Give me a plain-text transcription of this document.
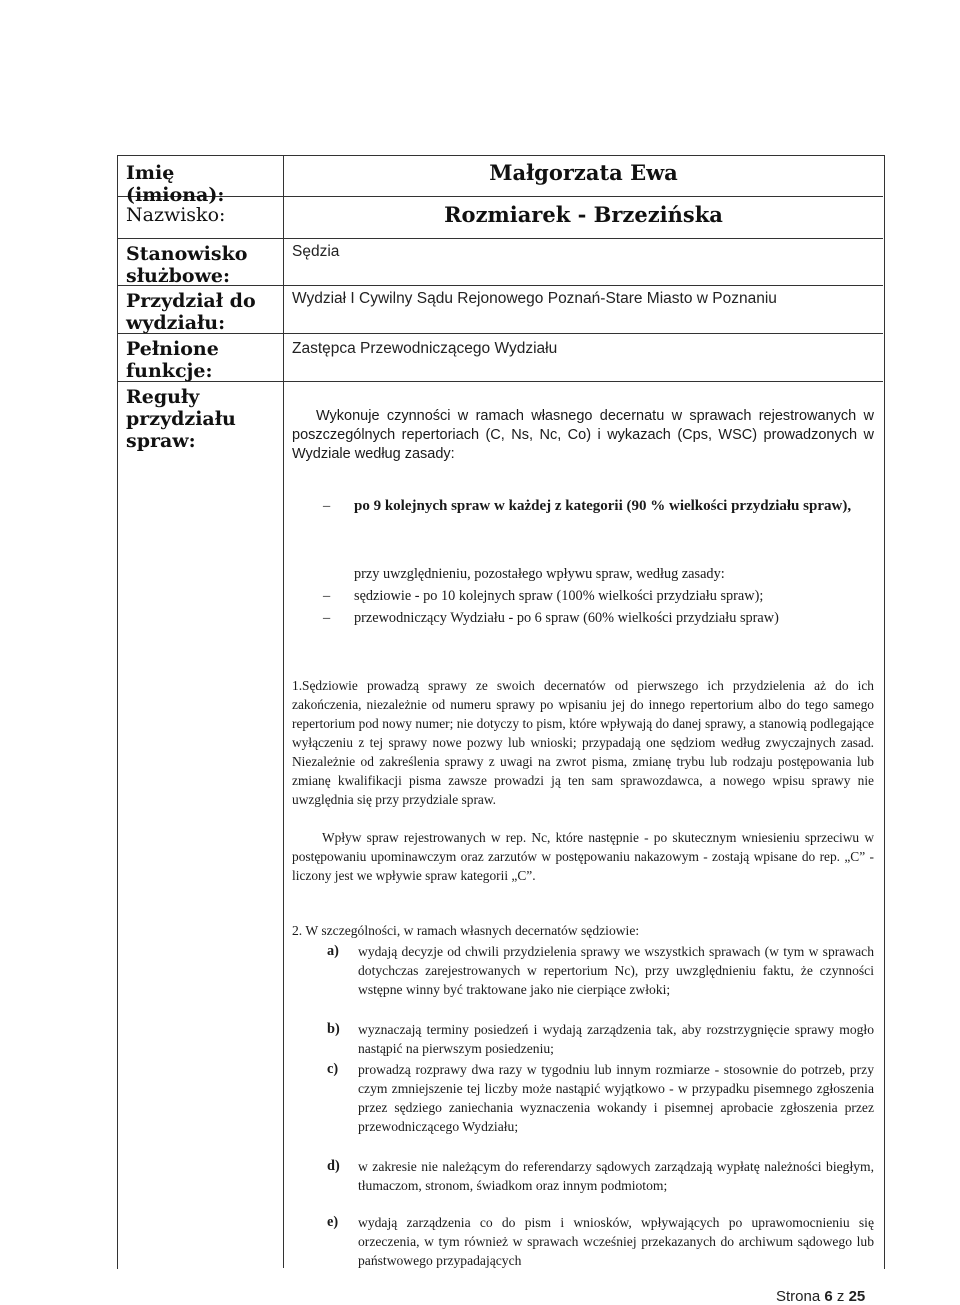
Imię (imiona):
Małgorzata Ewa
Nazwisko:	Rozmiarek - Brzezińska
Stanowisko służbowe:
Sędzia
Przydział do wydziału:
Wydział I Cywilny Sądu Rejonowego Poznań-Stare Miasto w Poznaniu
Pełnione funkcje:
Zastępca Przewodniczącego Wydziału
Reguły przydziału spraw:
Wykonuje czynności w ramach własnego decernatu w sprawach rejestrowanych w poszczególnych repertoriach (C, Ns, Nc, Co) i wykazach (Cps, WSC) prowadzonych w Wydziale według zasady:
– po 9 kolejnych spraw w każdej z kategorii (90 % wielkości przydziału spraw),
przy uwzględnieniu, pozostałego wpływu spraw, według zasady:
– sędziowie - po 10 kolejnych spraw (100% wielkości przydziału spraw);
– przewodniczący Wydziału - po 6 spraw (60% wielkości przydziału spraw)
1.Sędziowie prowadzą sprawy ze swoich decernatów od pierwszego ich przydzielenia aż do ich zakończenia, niezależnie od numeru sprawy po wpisaniu jej do innego repertorium albo do tego samego repertorium pod nowy numer; nie dotyczy to pism, które wpływają do danej sprawy, a stanowią podlegające wyłączeniu z tej sprawy nowe pozwy lub wnioski; przypadają one sędziom według zwyczajnych zasad. Niezależnie od zakreślenia sprawy z uwagi na zwrot pisma, zmianę trybu lub rodzaju postępowania lub zmianę kwalifikacji pisma zawsze prowadzi ją ten sam sprawozdawca, a nowego wpisu sprawy nie uwzględnia się przy przydziale spraw.
Wpływ spraw rejestrowanych w rep. Nc, które następnie - po skutecznym wniesieniu sprzeciwu w postępowaniu upominawczym oraz zarzutów w postępowaniu nakazowym - zostają wpisane do rep. „C” - liczony jest we wpływie spraw kategorii „C”.
2. W szczególności, w ramach własnych decernatów sędziowie:
a) wydają decyzje od chwili przydzielenia sprawy we wszystkich sprawach (w tym w sprawach dotychczas zarejestrowanych w repertorium Nc), przy uwzględnieniu faktu, że czynności wstępne winny być traktowane jako nie cierpiące zwłoki;
b) wyznaczają terminy posiedzeń i wydają zarządzenia tak, aby rozstrzygnięcie sprawy mogło nastąpić na pierwszym posiedzeniu;
c) prowadzą rozprawy dwa razy w tygodniu lub innym rozmiarze - stosownie do potrzeb, przy czym zmniejszenie tej liczby może nastąpić wyjątkowo - w przypadku pisemnego zgłoszenia przez sędziego zaniechania wyznaczenia wokandy i pisemnej aprobacie zgłoszenia przez przewodniczącego Wydziału;
d) w zakresie nie należącym do referendarzy sądowych zarządzają wypłatę należności biegłym, tłumaczom, stronom, świadkom oraz innym podmiotom;
e) wydają zarządzenia co do pism i wniosków, wpływających po uprawomocnieniu się orzeczenia, w tym również w sprawach wcześniej przekazanych do archiwum sądowego lub państwowego przypadających
Strona 6 z 25
